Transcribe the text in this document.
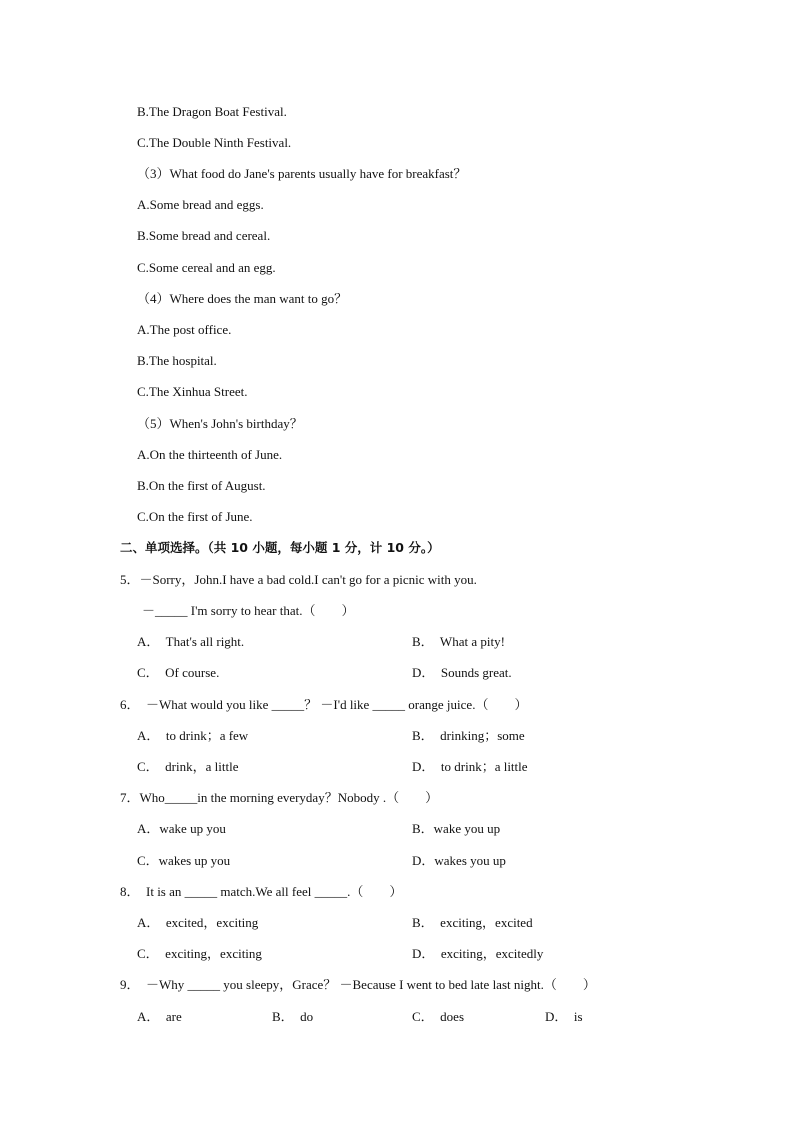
B.The Dragon Boat Festival.
C.The Double Ninth Festival.
（3）What food do Jane's parents usually have for breakfast？
A.Some bread and eggs.
B.Some bread and cereal.
C.Some cereal and an egg.
（4）Where does the man want to go？
A.The post office.
B.The hospital.
C.The Xinhua Street.
（5）When's John's birthday？
A.On the thirteenth of June.
B.On the first of August.
C.On the first of June.
二、单项选择。（共 10 小题，每小题 1 分，计 10 分。）
5．－Sorry，John.I have a bad cold.I can't go for a picnic with you.
－_____ I'm sorry to hear that.（　　）
A．  That's all right.	B．  What a pity!
C．  Of course.	D．  Sounds great.
6．  －What would you like _____？ －I'd like _____ orange juice.（　　）
A．  to drink；a few	B．  drinking；some
C．  drink，a little	D．  to drink；a little
7．Who_____in the morning everyday？Nobody .（　　）
A．wake up you	B．wake you up
C．wakes up you	D．wakes you up
8．  It is an _____ match.We all feel _____.（　　）
A．  excited，exciting	B．  exciting，excited
C．  exciting，exciting	D．  exciting，excitedly
9．  －Why _____ you sleepy，Grace？ －Because I went to bed late last night.（　　）
A．  are	B．  do	C．  does	D．  is
